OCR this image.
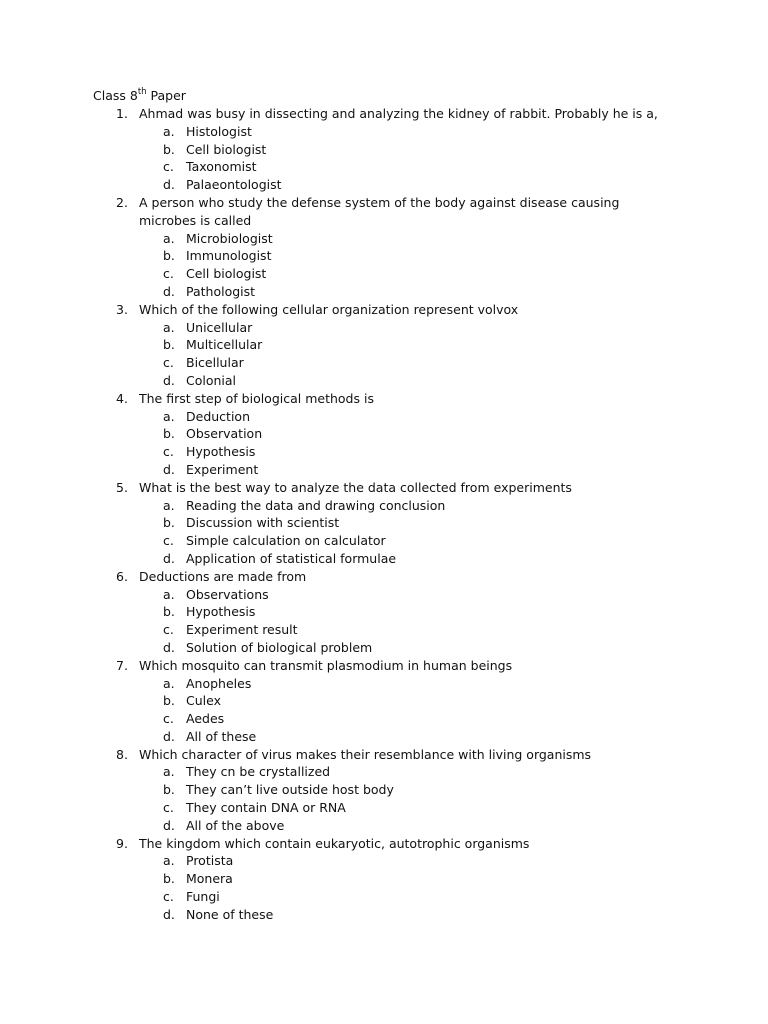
Class 8th Paper
1. Ahmad was busy in dissecting and analyzing the kidney of rabbit. Probably he is a,
a. Histologist
b. Cell biologist
c. Taxonomist
d. Palaeontologist
2. A person who study the defense system of the body against disease causing
microbes is called
a. Microbiologist
b. Immunologist
c. Cell biologist
d. Pathologist
3. Which of the following cellular organization represent volvox
a. Unicellular
b. Multicellular
c. Bicellular
d. Colonial
4. The first step of biological methods is
a. Deduction
b. Observation
c. Hypothesis
d. Experiment
5. What is the best way to analyze the data collected from experiments
a. Reading the data and drawing conclusion
b. Discussion with scientist
c. Simple calculation on calculator
d. Application of statistical formulae
6. Deductions are made from
a. Observations
b. Hypothesis
c. Experiment result
d. Solution of biological problem
7. Which mosquito can transmit plasmodium in human beings
a. Anopheles
b. Culex
c. Aedes
d. All of these
8. Which character of virus makes their resemblance with living organisms
a. They cn be crystallized
b. They can’t live outside host body
c. They contain DNA or RNA
d. All of the above
9. The kingdom which contain eukaryotic, autotrophic organisms
a. Protista
b. Monera
c. Fungi
d. None of these
